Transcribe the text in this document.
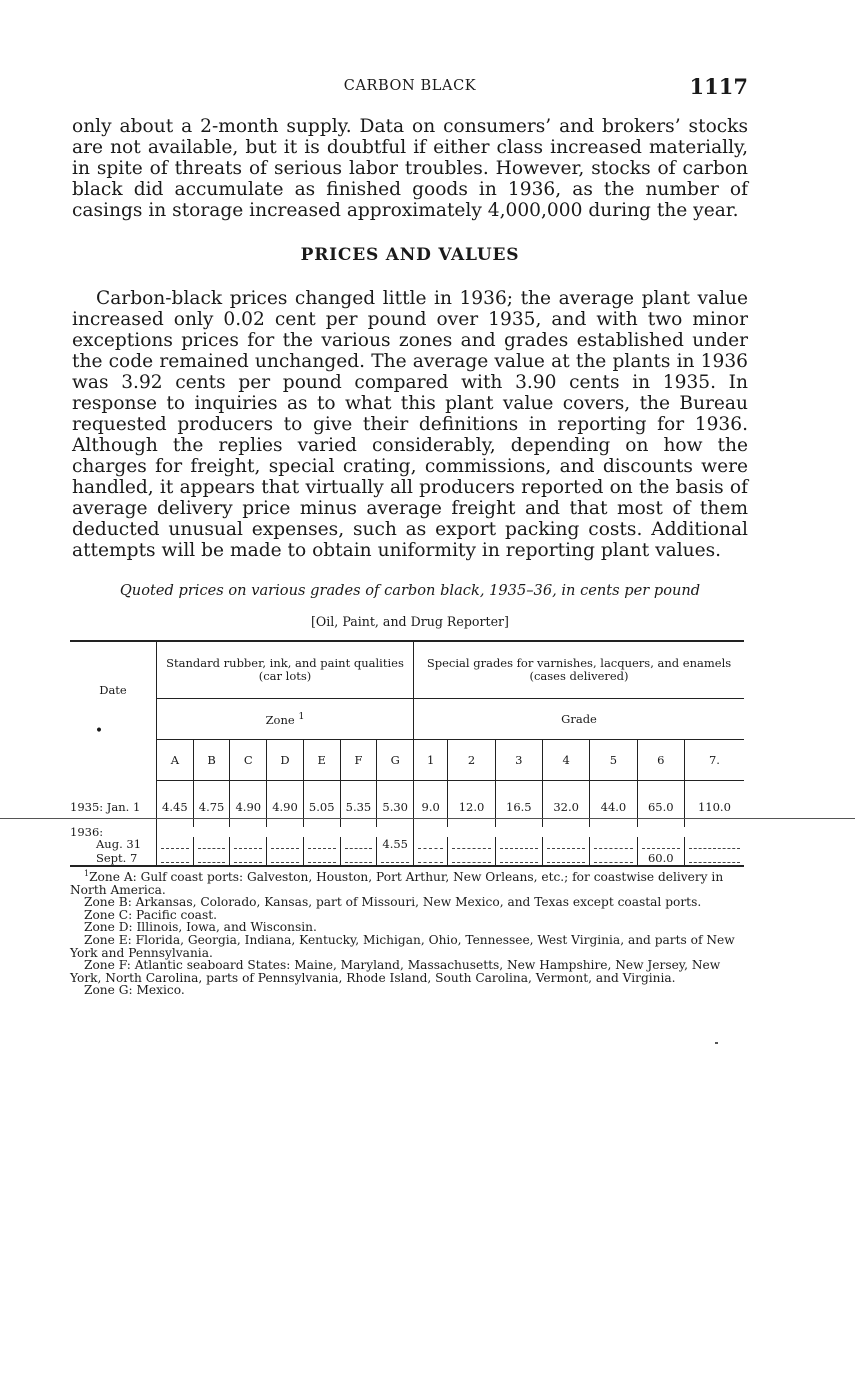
CARBON BLACK	1117

only about a 2-month supply. Data on consumers’ and brokers’ stocks are not available, but it is doubtful if either class increased materially, in spite of threats of serious labor troubles. However, stocks of carbon black did accumulate as finished goods in 1936, as the number of casings in storage increased approximately 4,000,000 during the year.

PRICES AND VALUES

Carbon-black prices changed little in 1936; the average plant value increased only 0.02 cent per pound over 1935, and with two minor exceptions prices for the various zones and grades established under the code remained unchanged. The average value at the plants in 1936 was 3.92 cents per pound compared with 3.90 cents in 1935. In response to inquiries as to what this plant value covers, the Bureau requested producers to give their definitions in reporting for 1936. Although the replies varied considerably, depending on how the charges for freight, special crating, commissions, and discounts were handled, it appears that virtually all producers reported on the basis of average delivery price minus average freight and that most of them deducted unusual expenses, such as export packing costs. Additional attempts will be made to obtain uniformity in reporting plant values.

Quoted prices on various grades of carbon black, 1935–36, in cents per pound
[Oil, Paint, and Drug Reporter]
Date
•	Standard rubber, ink, and paint qualities (car lots)							Special grades for varnishes, lacquers, and enamels (cases delivered)						

	Zone $^1$							Grade						
	A	B	C	D	E	F	G	1	2	3	4	5	6	7.
1935: Jan. 1	4.45	4.75	4.90	4.90	5.05	5.35	5.30	9.0	12.0	16.5	32.0	44.0	65.0	110.0
1936:														
Aug. 31							4.55	

Sept. 7													60.0	

$^1$Zone A: Gulf coast ports: Galveston, Houston, Port Arthur, New Orleans, etc.; for coastwise delivery in North America.

Zone B: Arkansas, Colorado, Kansas, part of Missouri, New Mexico, and Texas except coastal ports.

Zone C: Pacific coast.

Zone D: Illinois, Iowa, and Wisconsin.

Zone E: Florida, Georgia, Indiana, Kentucky, Michigan, Ohio, Tennessee, West Virginia, and parts of New York and Pennsylvania.

Zone F: Atlantic seaboard States: Maine, Maryland, Massachusetts, New Hampshire, New Jersey, New York, North Carolina, parts of Pennsylvania, Rhode Island, South Carolina, Vermont, and Virginia.

Zone G: Mexico.
